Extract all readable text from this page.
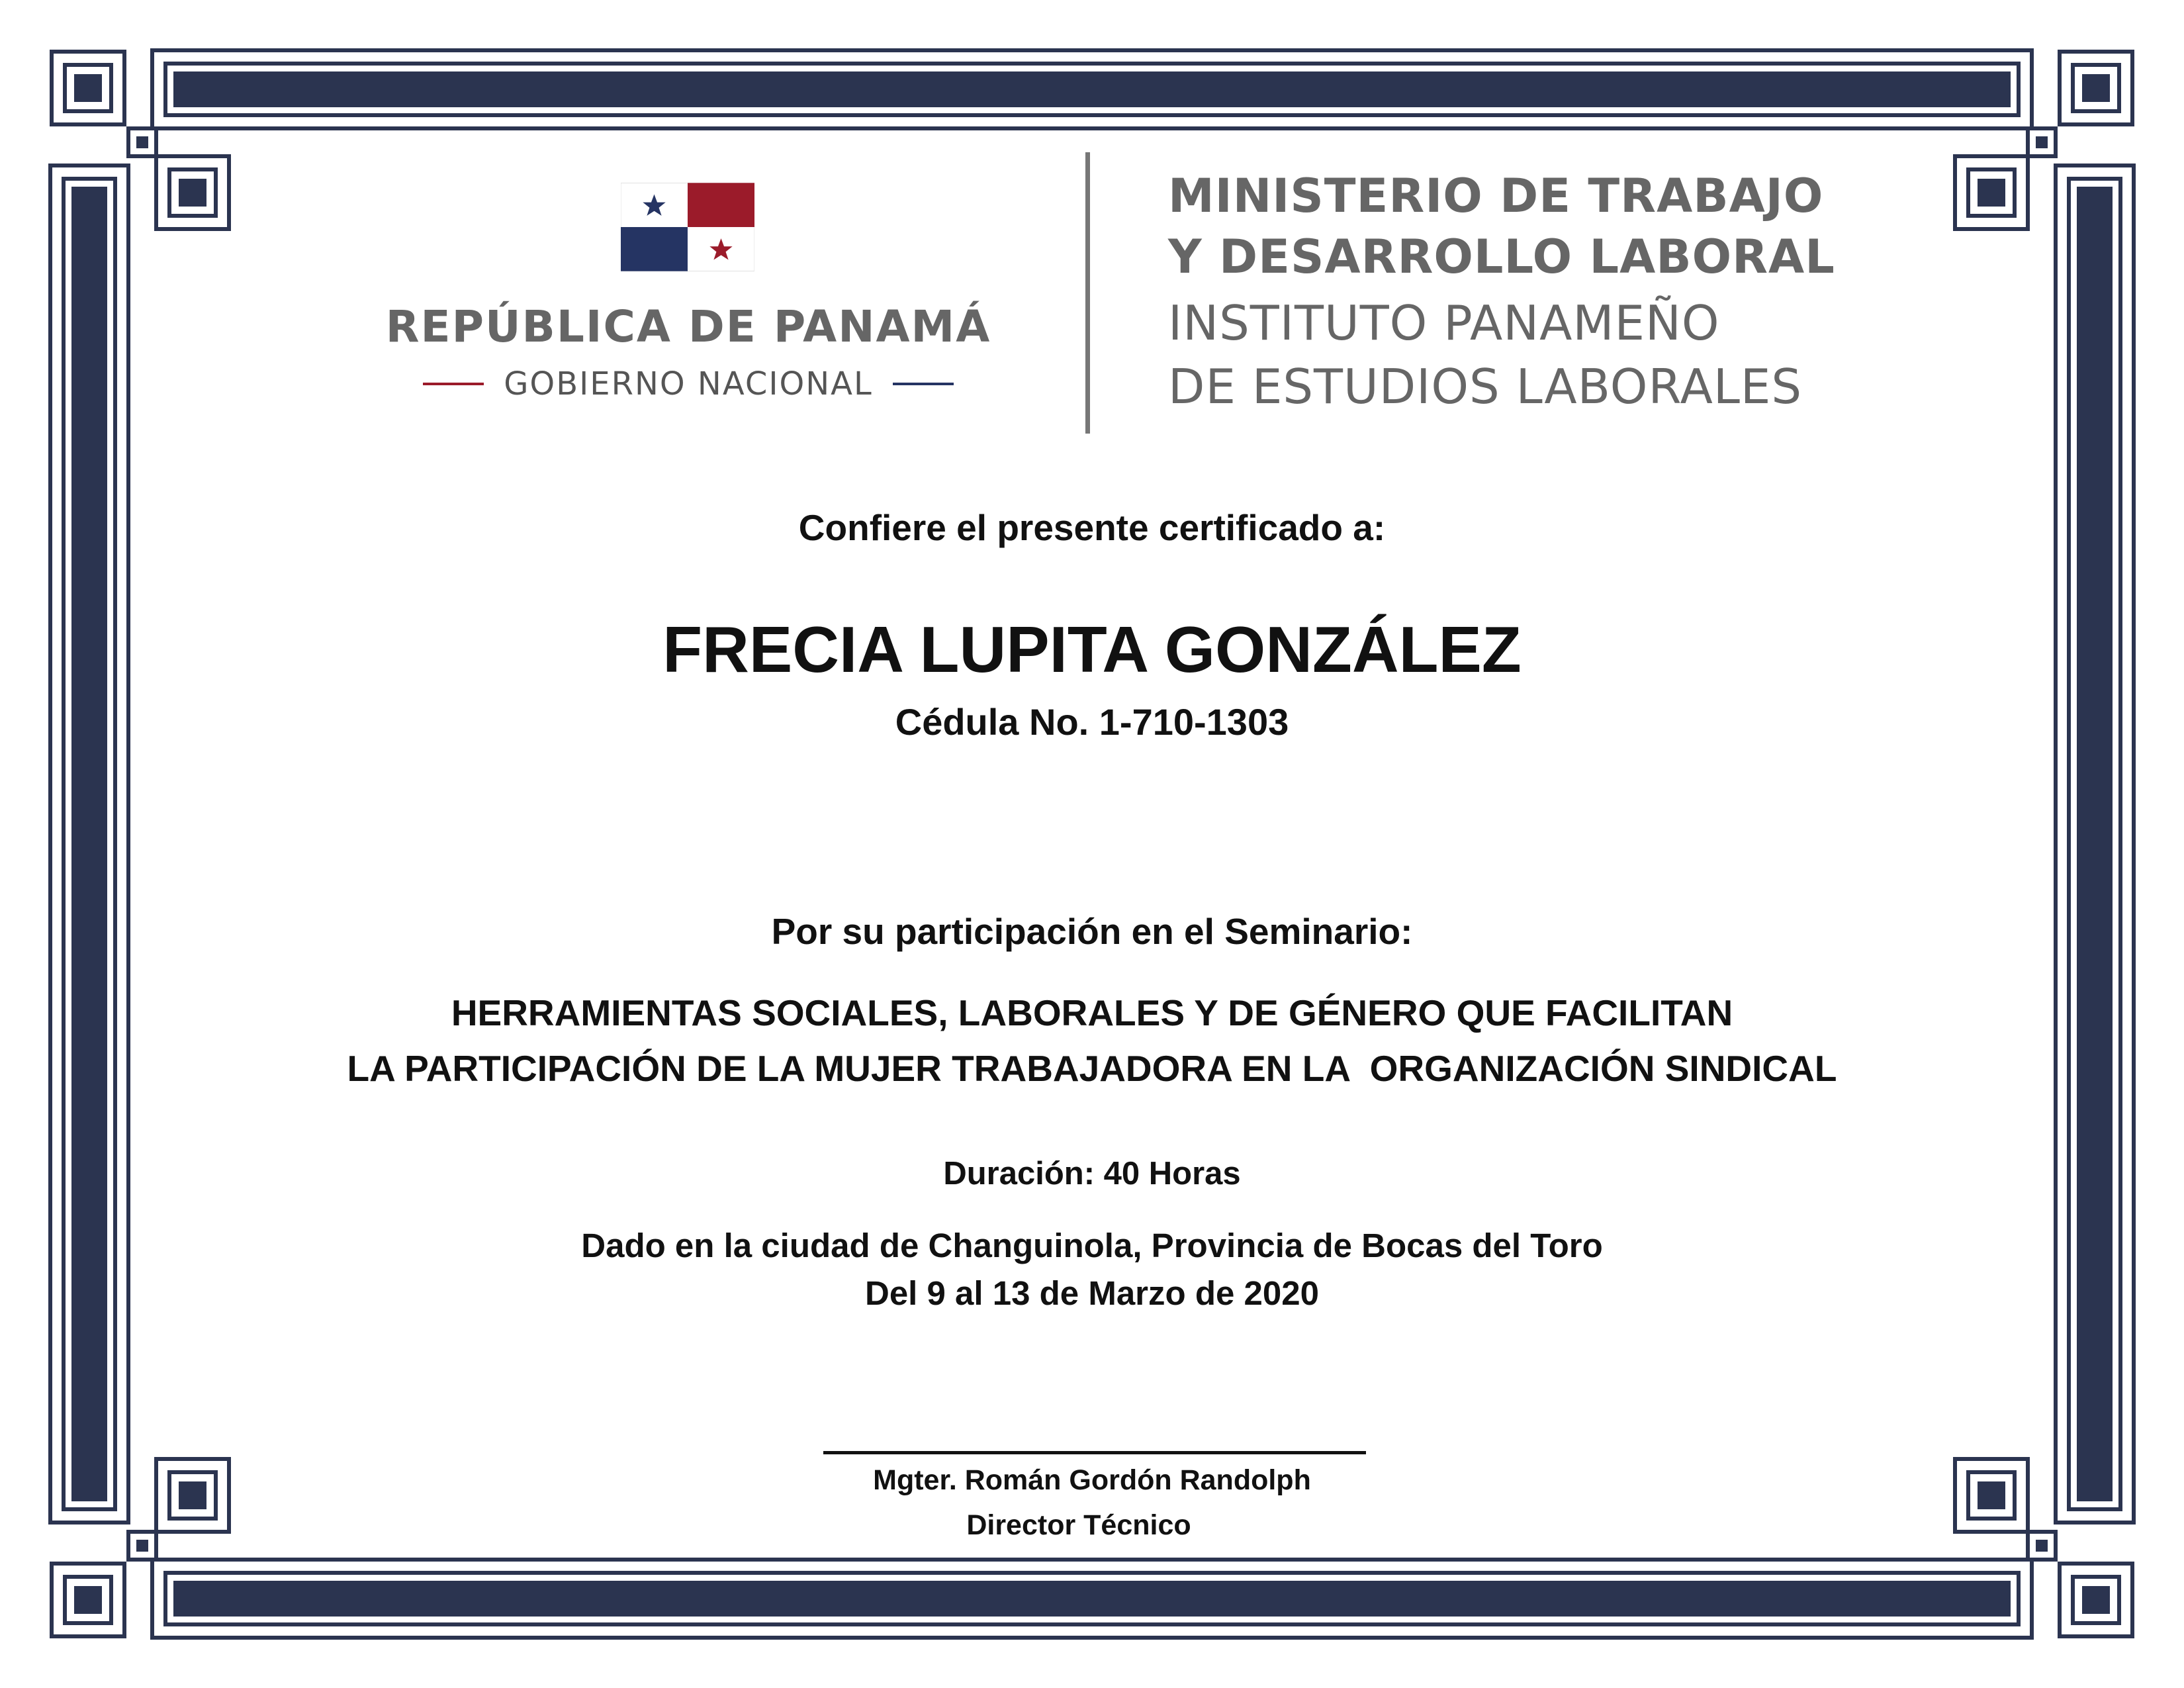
REPÚBLICA DE PANAMÁ
GOBIERNO NACIONAL
MINISTERIO DE TRABAJO
Y DESARROLLO LABORAL
INSTITUTO PANAMEÑO
DE ESTUDIOS LABORALES
Confiere el presente certificado a:
FRECIA LUPITA GONZÁLEZ
Cédula No. 1-710-1303
Por su participación en el Seminario:
HERRAMIENTAS SOCIALES, LABORALES Y DE GÉNERO QUE FACILITAN
LA PARTICIPACIÓN DE LA MUJER TRABAJADORA EN LA  ORGANIZACIÓN SINDICAL
Duración: 40 Horas
Dado en la ciudad de Changuinola, Provincia de Bocas del Toro
Del 9 al 13 de Marzo de 2020
Mgter. Román Gordón Randolph
Director Técnico
